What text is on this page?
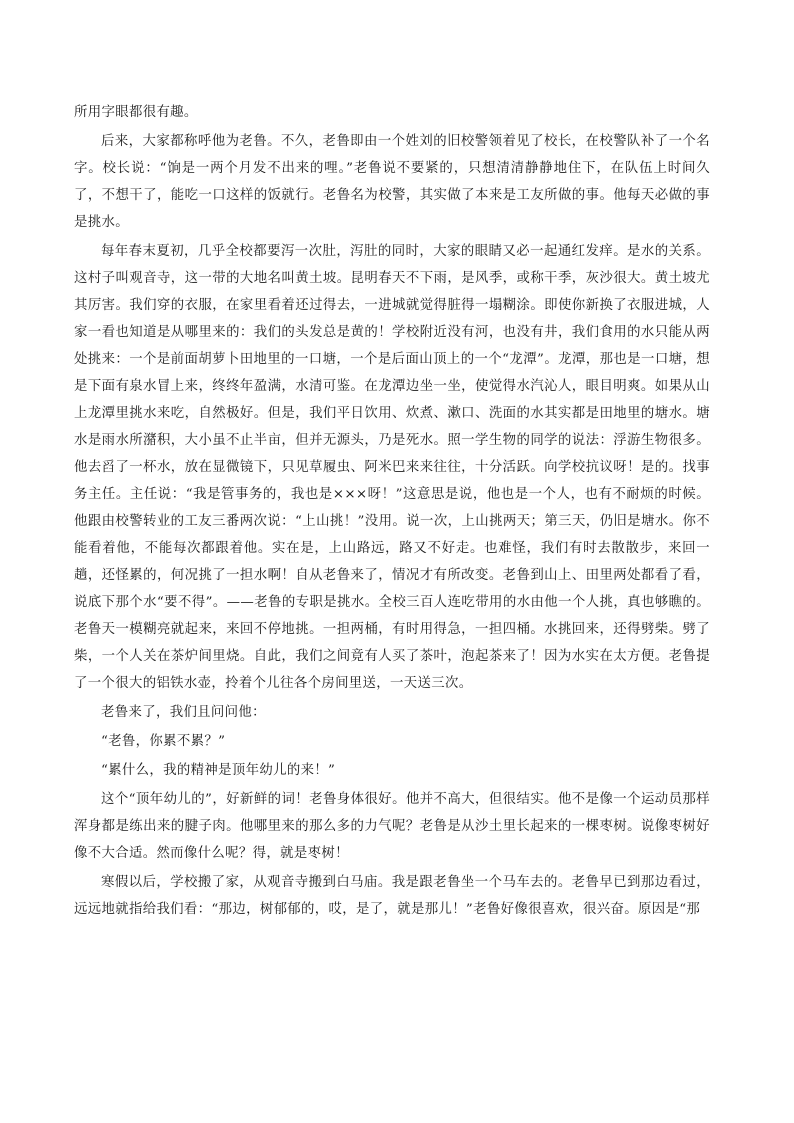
所用字眼都很有趣。

后来，大家都称呼他为老鲁。不久，老鲁即由一个姓刘的旧校警领着见了校长，在校警队补了一个名字。校长说：“饷是一两个月发不出来的哩。”老鲁说不要紧的，只想清清静静地住下，在队伍上时间久了，不想干了，能吃一口这样的饭就行。老鲁名为校警，其实做了本来是工友所做的事。他每天必做的事是挑水。

每年春末夏初，几乎全校都要泻一次肚，泻肚的同时，大家的眼睛又必一起通红发痒。是水的关系。这村子叫观音寺，这一带的大地名叫黄土坡。昆明春天不下雨，是风季，或称干季，灰沙很大。黄土坡尤其厉害。我们穿的衣服，在家里看着还过得去，一进城就觉得脏得一塌糊涂。即使你新换了衣服进城，人家一看也知道是从哪里来的：我们的头发总是黄的！学校附近没有河，也没有井，我们食用的水只能从两处挑来：一个是前面胡萝卜田地里的一口塘，一个是后面山顶上的一个“龙潭”。龙潭，那也是一口塘，想是下面有泉水冒上来，终终年盈满，水清可鉴。在龙潭边坐一坐，使觉得水汽沁人，眼目明爽。如果从山上龙潭里挑水来吃，自然极好。但是，我们平日饮用、炊煮、漱口、洗面的水其实都是田地里的塘水。塘水是雨水所潴积，大小虽不止半亩，但并无源头，乃是死水。照一学生物的同学的说法：浮游生物很多。他去舀了一杯水，放在显微镜下，只见草履虫、阿米巴来来往往，十分活跃。向学校抗议呀！是的。找事务主任。主任说：“我是管事务的，我也是×××呀！”这意思是说，他也是一个人，也有不耐烦的时候。他跟由校警转业的工友三番两次说：“上山挑！”没用。说一次，上山挑两天；第三天，仍旧是塘水。你不能看着他，不能每次都跟着他。实在是，上山路远，路又不好走。也难怪，我们有时去散散步，来回一趟，还怪累的，何况挑了一担水啊！自从老鲁来了，情况才有所改变。老鲁到山上、田里两处都看了看，说底下那个水“要不得”。——老鲁的专职是挑水。全校三百人连吃带用的水由他一个人挑，真也够瞧的。老鲁天一模糊亮就起来，来回不停地挑。一担两桶，有时用得急，一担四桶。水挑回来，还得劈柴。劈了柴，一个人关在茶炉间里烧。自此，我们之间竟有人买了茶叶，泡起茶来了！因为水实在太方便。老鲁提了一个很大的铝铁水壶，拎着个儿往各个房间里送，一天送三次。

老鲁来了，我们且问问他：

“老鲁，你累不累？”

“累什么，我的精神是顶年幼儿的来！”

这个“顶年幼儿的”，好新鲜的词！老鲁身体很好。他并不高大，但很结实。他不是像一个运动员那样浑身都是练出来的腱子肉。他哪里来的那么多的力气呢？老鲁是从沙土里长起来的一棵枣树。说像枣树好像不大合适。然而像什么呢？得，就是枣树！

寒假以后，学校搬了家，从观音寺搬到白马庙。我是跟老鲁坐一个马车去的。老鲁早已到那边看过，远远地就指给我们看：“那边，树郁郁的，哎，是了，就是那儿！”老鲁好像很喜欢，很兴奋。原因是“那
